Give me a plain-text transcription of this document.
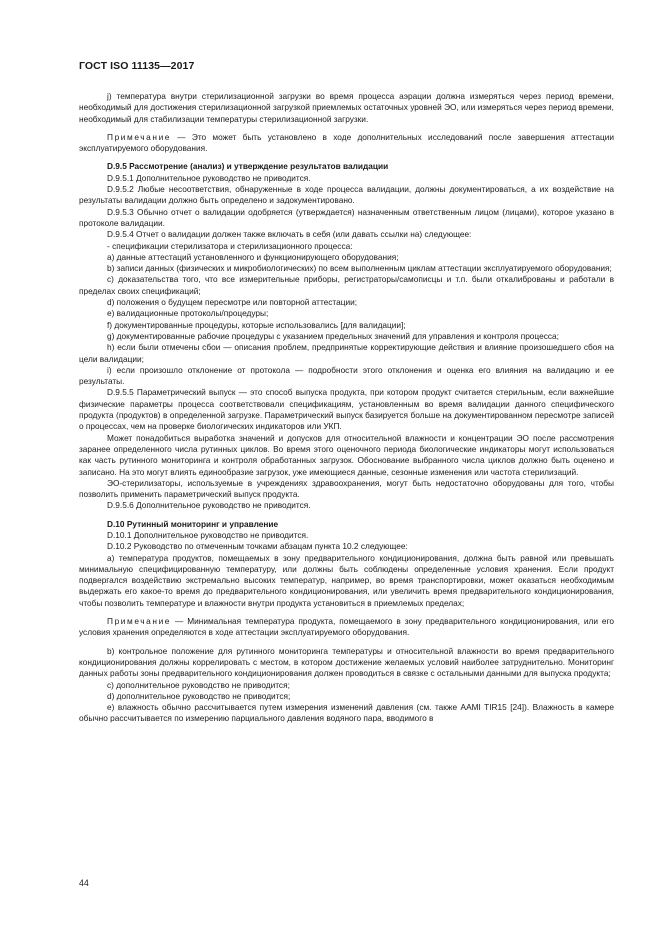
ГОСТ ISO 11135—2017

j) температура внутри стерилизационной загрузки во время процесса аэрации должна измеряться через период времени, необходимый для достижения стерилизационной загрузкой приемлемых остаточных уровней ЭО, или измеряться через период времени, необходимый для стабилизации температуры стерилизационной загрузки.

Примечание — Это может быть установлено в ходе дополнительных исследований после завершения аттестации эксплуатируемого оборудования.

D.9.5 Рассмотрение (анализ) и утверждение результатов валидации

D.9.5.1 Дополнительное руководство не приводится.

D.9.5.2 Любые несоответствия, обнаруженные в ходе процесса валидации, должны документироваться, а их воздействие на результаты валидации должно быть определено и задокументировано.

D.9.5.3 Обычно отчет о валидации одобряется (утверждается) назначенным ответственным лицом (лицами), которое указано в протоколе валидации.

D.9.5.4 Отчет о валидации должен также включать в себя (или давать ссылки на) следующее:

- спецификации стерилизатора и стерилизационного процесса:

a) данные аттестаций установленного и функционирующего оборудования;

b) записи данных (физических и микробиологических) по всем выполненным циклам аттестации эксплуатируемого оборудования;

c) доказательства того, что все измерительные приборы, регистраторы/самописцы и т.п. были откалиброваны и работали в пределах своих спецификаций;

d) положения о будущем пересмотре или повторной аттестации;

e) валидационные протоколы/процедуры;

f) документированные процедуры, которые использовались [для валидации];

g) документированные рабочие процедуры с указанием предельных значений для управления и контроля процесса;

h) если были отмечены сбои — описания проблем, предпринятые корректирующие действия и влияние произошедшего сбоя на цели валидации;

i) если произошло отклонение от протокола — подробности этого отклонения и оценка его влияния на валидацию и ее результаты.

D.9.5.5 Параметрический выпуск — это способ выпуска продукта, при котором продукт считается стерильным, если важнейшие физические параметры процесса соответствовали спецификациям, установленным во время валидации данного специфического продукта (продуктов) в определенной загрузке. Параметрический выпуск базируется больше на документированном пересмотре записей о процессах, чем на проверке биологических индикаторов или УКП.

Может понадобиться выработка значений и допусков для относительной влажности и концентрации ЭО после рассмотрения заранее определенного числа рутинных циклов. Во время этого оценочного периода биологические индикаторы могут использоваться как часть рутинного мониторинга и контроля обработанных загрузок. Обоснование выбранного числа циклов должно быть оценено и записано. На это могут влиять единообразие загрузок, уже имеющиеся данные, сезонные изменения или частота стерилизаций.

ЭО-стерилизаторы, используемые в учреждениях здравоохранения, могут быть недостаточно оборудованы для того, чтобы позволить применить параметрический выпуск продукта.

D.9.5.6 Дополнительное руководство не приводится.

D.10 Рутинный мониторинг и управление

D.10.1 Дополнительное руководство не приводится.

D.10.2 Руководство по отмеченным точками абзацам пункта 10.2 следующее:

a) температура продуктов, помещаемых в зону предварительного кондиционирования, должна быть равной или превышать минимальную специфицированную температуру, или должны быть соблюдены определенные условия хранения. Если продукт подвергался воздействию экстремально высоких температур, например, во время транспортировки, может оказаться необходимым выдержать его какое-то время до предварительного кондиционирования, или увеличить время предварительного кондиционирования, чтобы позволить температуре и влажности внутри продукта установиться в приемлемых пределах;

Примечание — Минимальная температура продукта, помещаемого в зону предварительного кондиционирования, или его условия хранения определяются в ходе аттестации эксплуатируемого оборудования.

b) контрольное положение для рутинного мониторинга температуры и относительной влажности во время предварительного кондиционирования должны коррелировать с местом, в котором достижение желаемых условий наиболее затруднительно. Мониторинг данных работы зоны предварительного кондиционирования должен проводиться в связке с остальными данными для выпуска продукта;

c) дополнительное руководство не приводится;

d) дополнительное руководство не приводится;

e) влажность обычно рассчитывается путем измерения изменений давления (см. также AAMI TIR15 [24]). Влажность в камере обычно рассчитывается по измерению парциального давления водяного пара, вводимого в

44
